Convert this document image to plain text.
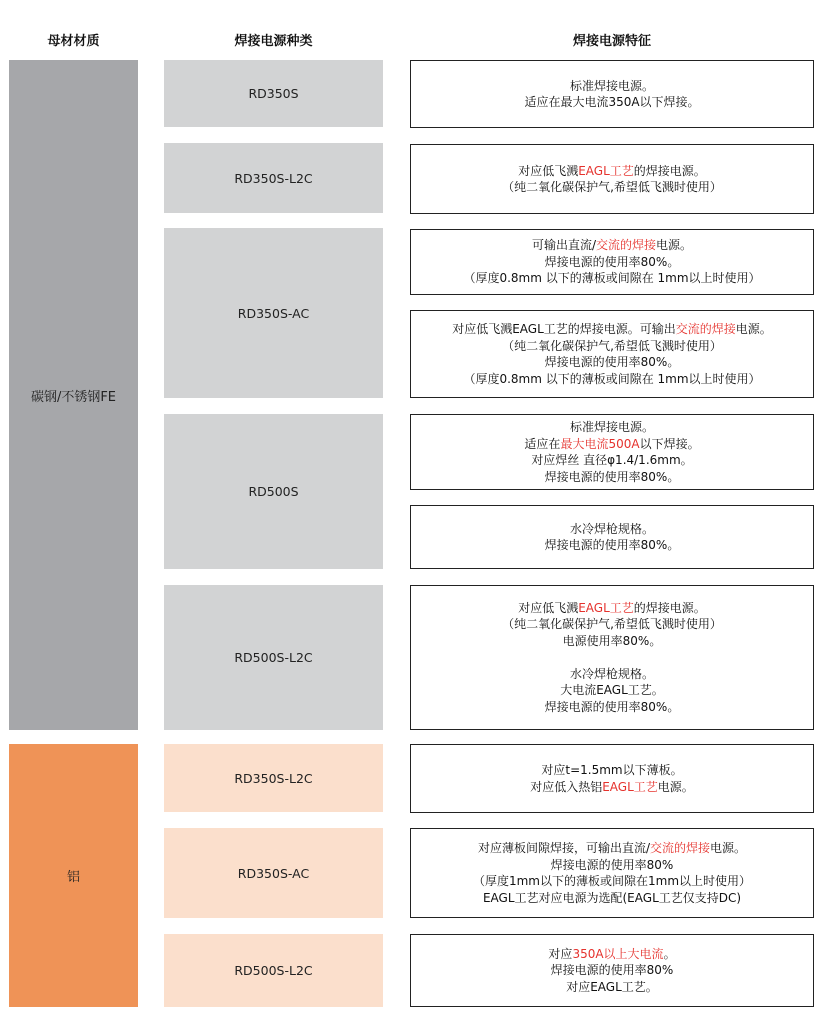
母材材质	焊接电源种类	焊接电源特征
碳钢/不锈钢FE
铝
RD350S
RD350S-L2C
RD350S-AC
RD500S
RD500S-L2C
RD350S-L2C
RD350S-AC
RD500S-L2C
标准焊接电源。
适应在最大电流350A以下焊接。
对应低飞溅EAGL工艺的焊接电源。
（纯二氧化碳保护气,希望低飞溅时使用）
可输出直流/交流的焊接电源。
焊接电源的使用率80%。
（厚度0.8mm 以下的薄板或间隙在 1mm以上时使用）
对应低飞溅EAGL工艺的焊接电源。可输出交流的焊接电源。
（纯二氧化碳保护气,希望低飞溅时使用）
焊接电源的使用率80%。
（厚度0.8mm 以下的薄板或间隙在 1mm以上时使用）
标准焊接电源。
适应在最大电流500A以下焊接。
对应焊丝 直径φ1.4/1.6mm。
焊接电源的使用率80%。
水冷焊枪规格。
焊接电源的使用率80%。
对应低飞溅EAGL工艺的焊接电源。
（纯二氧化碳保护气,希望低飞溅时使用）
电源使用率80%。
水冷焊枪规格。
大电流EAGL工艺。
焊接电源的使用率80%。
对应t=1.5mm以下薄板。
对应低入热铝EAGL工艺电源。
对应薄板间隙焊接，可输出直流/交流的焊接电源。
焊接电源的使用率80%
（厚度1mm以下的薄板或间隙在1mm以上时使用）
EAGL工艺对应电源为选配(EAGL工艺仅支持DC)
对应350A以上大电流。
焊接电源的使用率80%
对应EAGL工艺。
